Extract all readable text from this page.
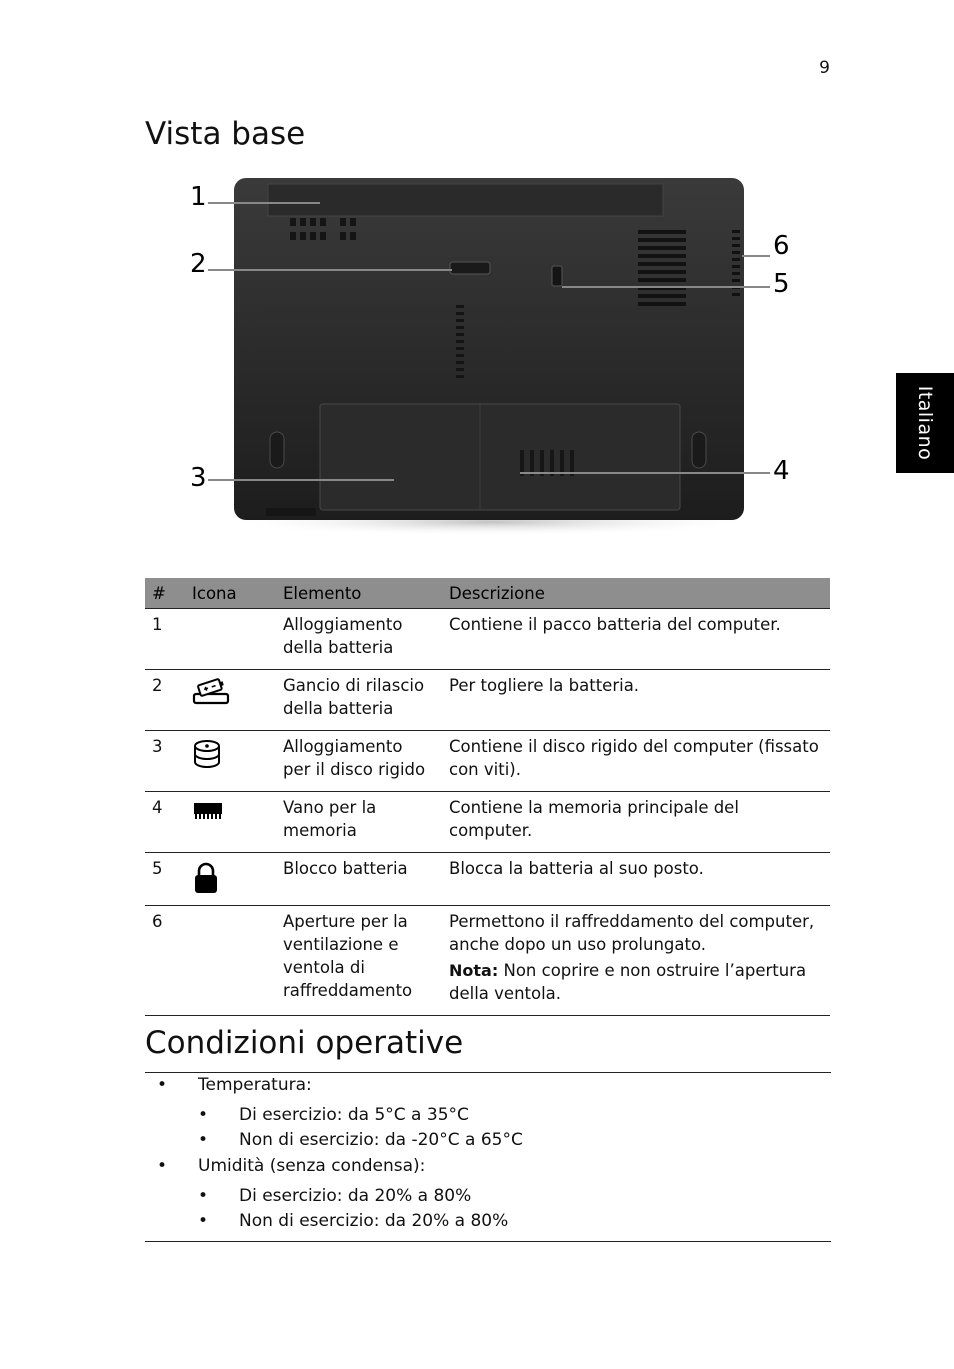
9
Italiano
Vista base
1
2
3	4
5
6
#	Icona	Elemento	Descrizione
1		Alloggiamento della batteria	Contiene il pacco batteria del computer.
2		Gancio di rilascio della batteria	Per togliere la batteria.
3		Alloggiamento per il disco rigido	Contiene il disco rigido del computer (fissato con viti).
4		Vano per la memoria	Contiene la memoria principale del computer.
5		Blocco batteria	Blocca la batteria al suo posto.
6		Aperture per la ventilazione e ventola di raffreddamento	Permettono il raffreddamento del computer, anche dopo un uso prolungato.

Nota: Non coprire e non ostruire l’apertura della ventola.

Condizioni operative
• Temperatura:
• Di esercizio: da 5°C a 35°C
• Non di esercizio: da -20°C a 65°C
• Umidità (senza condensa):
• Di esercizio: da 20% a 80%
• Non di esercizio: da 20% a 80%
